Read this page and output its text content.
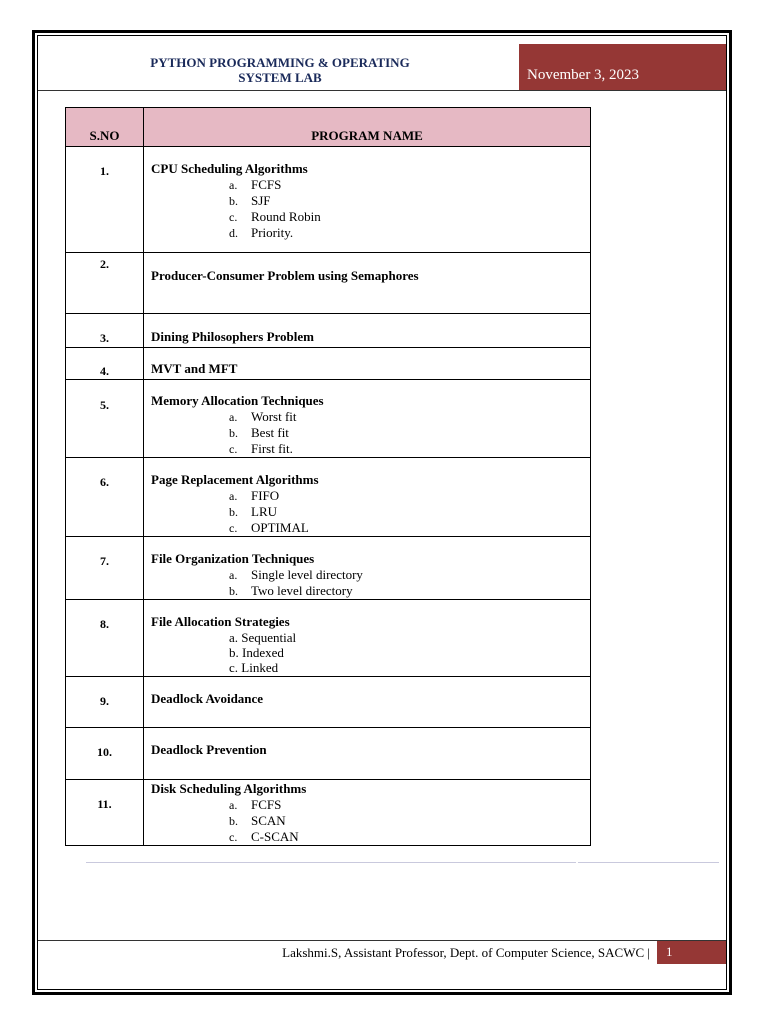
PYTHON PROGRAMMING & OPERATING
SYSTEM LAB	November 3, 2023
S.NO	PROGRAM NAME

1.	CPU Scheduling Algorithms
a. FCFS
b. SJF
c. Round Robin
d. Priority.

2.	Producer-Consumer Problem using Semaphores

3.	Dining Philosophers Problem

4.	MVT and MFT

5.	Memory Allocation Techniques
a. Worst fit
b. Best fit
c. First fit.

6.	Page Replacement Algorithms
a. FIFO
b. LRU
c. OPTIMAL

7.	File Organization Techniques
a. Single level directory
b. Two level directory

8.	File Allocation Strategies
a. Sequential
b. Indexed
c. Linked

9.	Deadlock Avoidance

10.	Deadlock Prevention

11.	Disk Scheduling Algorithms
a. FCFS
b. SCAN
c. C-SCAN
Lakshmi.S, Assistant Professor, Dept. of Computer Science, SACWC |	1
